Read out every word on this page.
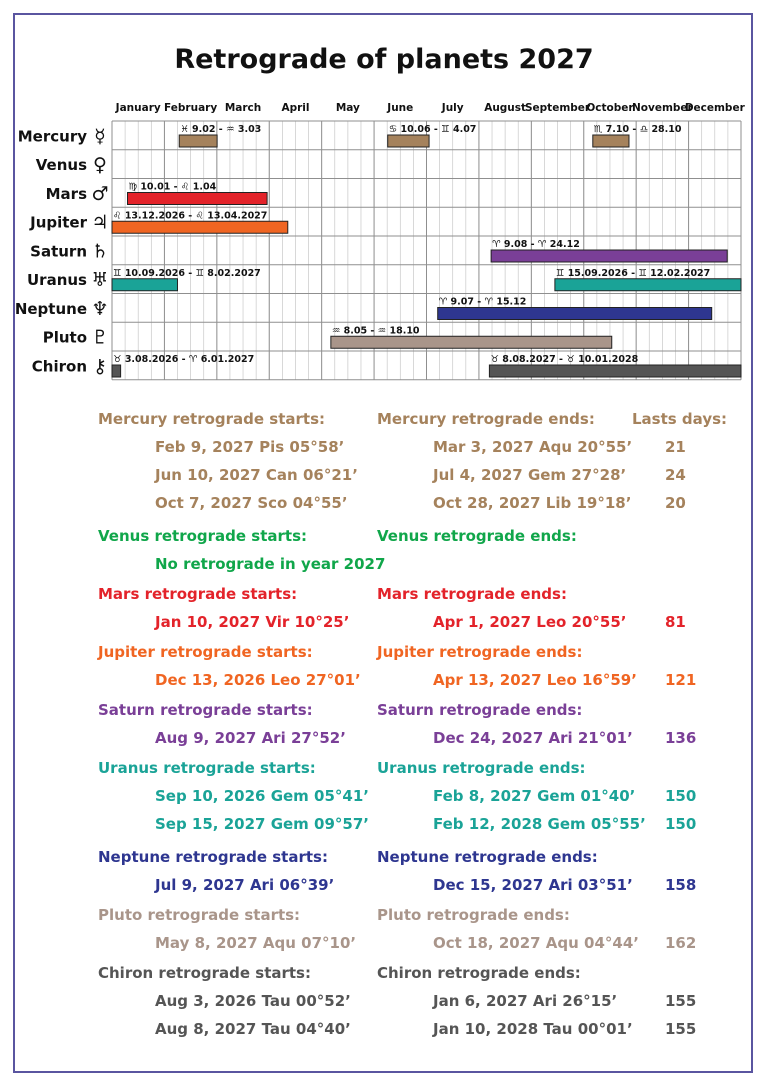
Retrograde of planets 2027
January February March April	May	June	July August
September
October
November
December
Mercury ☿	♓ 9.02 - ♒ 3.03	♋ 10.06 - ♊ 4.07	♏ 7.10 - ♎ 28.10
Venus ♀
Mars ♂ ♍ 10.01 - ♌ 1.04
Jupiter ♃ ♌ 13.12.2026 - ♌ 13.04.2027
Saturn ♄	♈ 9.08 - ♈ 24.12
Uranus ♅ ♊ 10.09.2026 - ♊ 8.02.2027	♊ 15.09.2026 - ♊ 12.02.2027
Neptune ♆	♈ 9.07 - ♈ 15.12
Pluto ♇	♒ 8.05 - ♒ 18.10
Chiron ⚷ ♉ 3.08.2026 - ♈ 6.01.2027	♉ 8.08.2027 - ♉ 10.01.2028
Mercury retrograde starts:	Mercury retrograde ends: Lasts days:
Feb 9, 2027 Pis 05°58’	Mar 3, 2027 Aqu 20°55’ 21
Jun 10, 2027 Can 06°21’	Jul 4, 2027 Gem 27°28’	24
Oct 7, 2027 Sco 04°55’	Oct 28, 2027 Lib 19°18’ 20
Venus retrograde starts:	Venus retrograde ends:
No retrograde in year 2027
Mars retrograde starts:	Mars retrograde ends:
Jan 10, 2027 Vir 10°25’	Apr 1, 2027 Leo 20°55’	81
Jupiter retrograde starts:	Jupiter retrograde ends:
Dec 13, 2026 Leo 27°01’	Apr 13, 2027 Leo 16°59’ 121
Saturn retrograde starts:	Saturn retrograde ends:
Aug 9, 2027 Ari 27°52’	Dec 24, 2027 Ari 21°01’ 136
Uranus retrograde starts:	Uranus retrograde ends:
Sep 10, 2026 Gem 05°41’	Feb 8, 2027 Gem 01°40’ 150
Sep 15, 2027 Gem 09°57’	Feb 12, 2028 Gem 05°55’ 150
Neptune retrograde starts:	Neptune retrograde ends:
Jul 9, 2027 Ari 06°39’	Dec 15, 2027 Ari 03°51’ 158
Pluto retrograde starts:	Pluto retrograde ends:
May 8, 2027 Aqu 07°10’	Oct 18, 2027 Aqu 04°44’ 162
Chiron retrograde starts:	Chiron retrograde ends:
Aug 3, 2026 Tau 00°52’	Jan 6, 2027 Ari 26°15’	155
Aug 8, 2027 Tau 04°40’	Jan 10, 2028 Tau 00°01’ 155
